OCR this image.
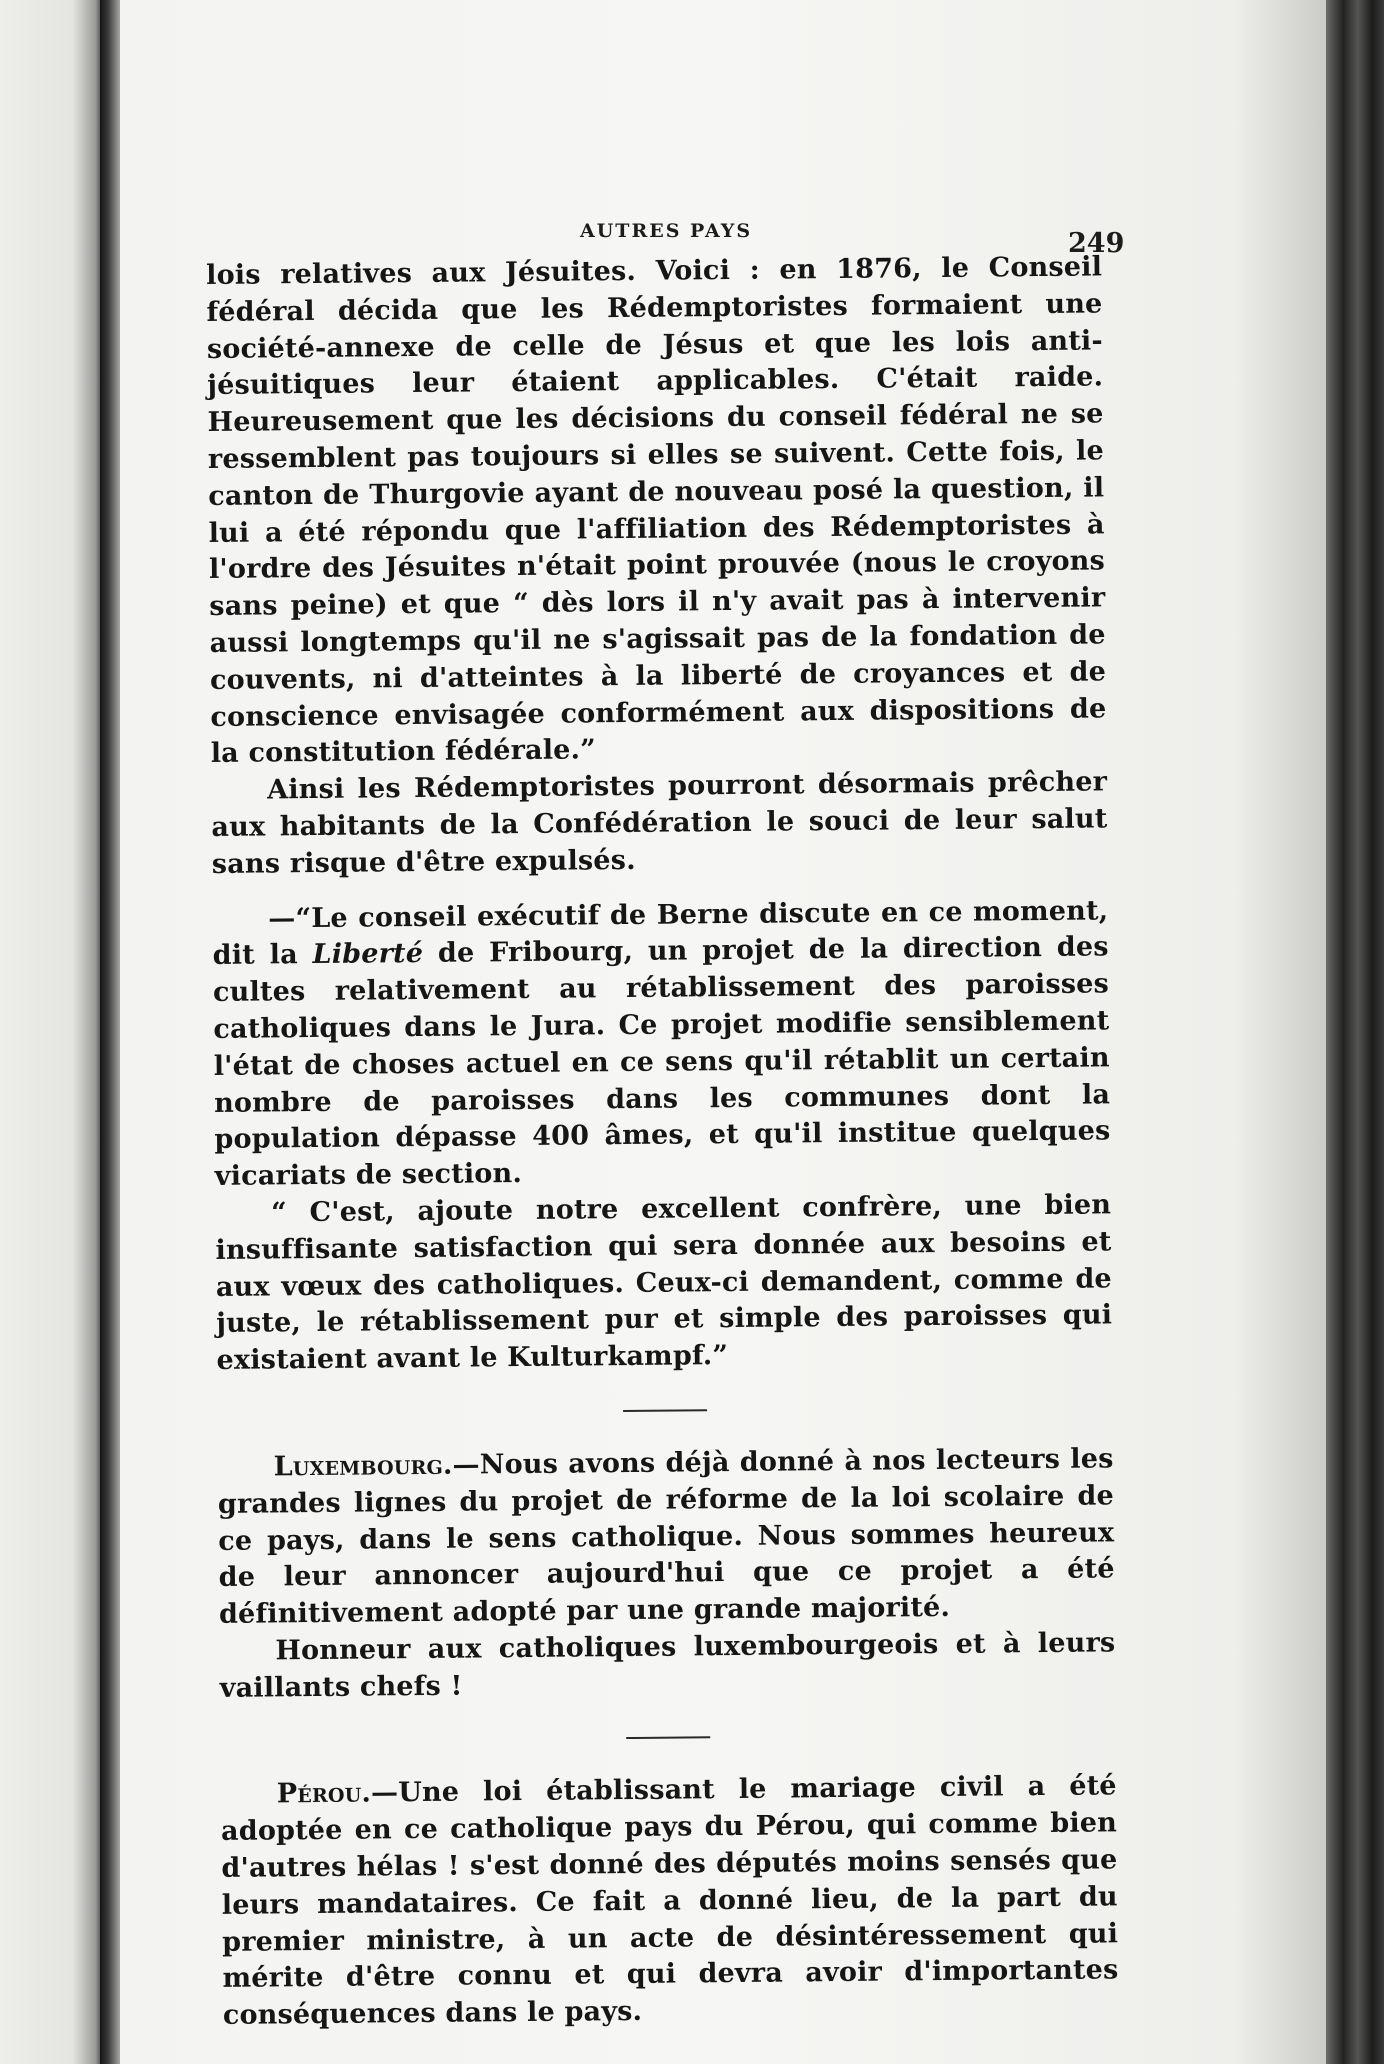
AUTRES PAYS	249

lois relatives aux Jésuites. Voici : en 1876, le Conseil fédéral décida que les Rédemptoristes formaient une société-annexe de celle de Jésus et que les lois anti-jésuitiques leur étaient applicables. C'était raide. Heureusement que les décisions du conseil fédéral ne se ressemblent pas toujours si elles se suivent. Cette fois, le canton de Thurgovie ayant de nouveau posé la question, il lui a été répondu que l'affiliation des Rédemptoristes à l'ordre des Jésuites n'était point prouvée (nous le croyons sans peine) et que “ dès lors il n'y avait pas à intervenir aussi longtemps qu'il ne s'agissait pas de la fondation de couvents, ni d'atteintes à la liberté de croyances et de conscience envisagée conformément aux dispositions de la constitution fédérale.”

Ainsi les Rédemptoristes pourront désormais prêcher aux habitants de la Confédération le souci de leur salut sans risque d'être expulsés.

—“Le conseil exécutif de Berne discute en ce moment, dit la Liberté de Fribourg, un projet de la direction des cultes relativement au rétablissement des paroisses catholiques dans le Jura. Ce projet modifie sensiblement l'état de choses actuel en ce sens qu'il rétablit un certain nombre de paroisses dans les communes dont la population dépasse 400 âmes, et qu'il institue quelques vicariats de section.

“ C'est, ajoute notre excellent confrère, une bien insuffisante satisfaction qui sera donnée aux besoins et aux vœux des catholiques. Ceux-ci demandent, comme de juste, le rétablissement pur et simple des paroisses qui existaient avant le Kulturkampf.”

Luxembourg.—Nous avons déjà donné à nos lecteurs les grandes lignes du projet de réforme de la loi scolaire de ce pays, dans le sens catholique. Nous sommes heureux de leur annoncer aujourd'hui que ce projet a été définitivement adopté par une grande majorité.

Honneur aux catholiques luxembourgeois et à leurs vaillants chefs !

Pérou.—Une loi établissant le mariage civil a été adoptée en ce catholique pays du Pérou, qui comme bien d'autres hélas ! s'est donné des députés moins sensés que leurs mandataires. Ce fait a donné lieu, de la part du premier ministre, à un acte de désintéressement qui mérite d'être connu et qui devra avoir d'importantes conséquences dans le pays.
